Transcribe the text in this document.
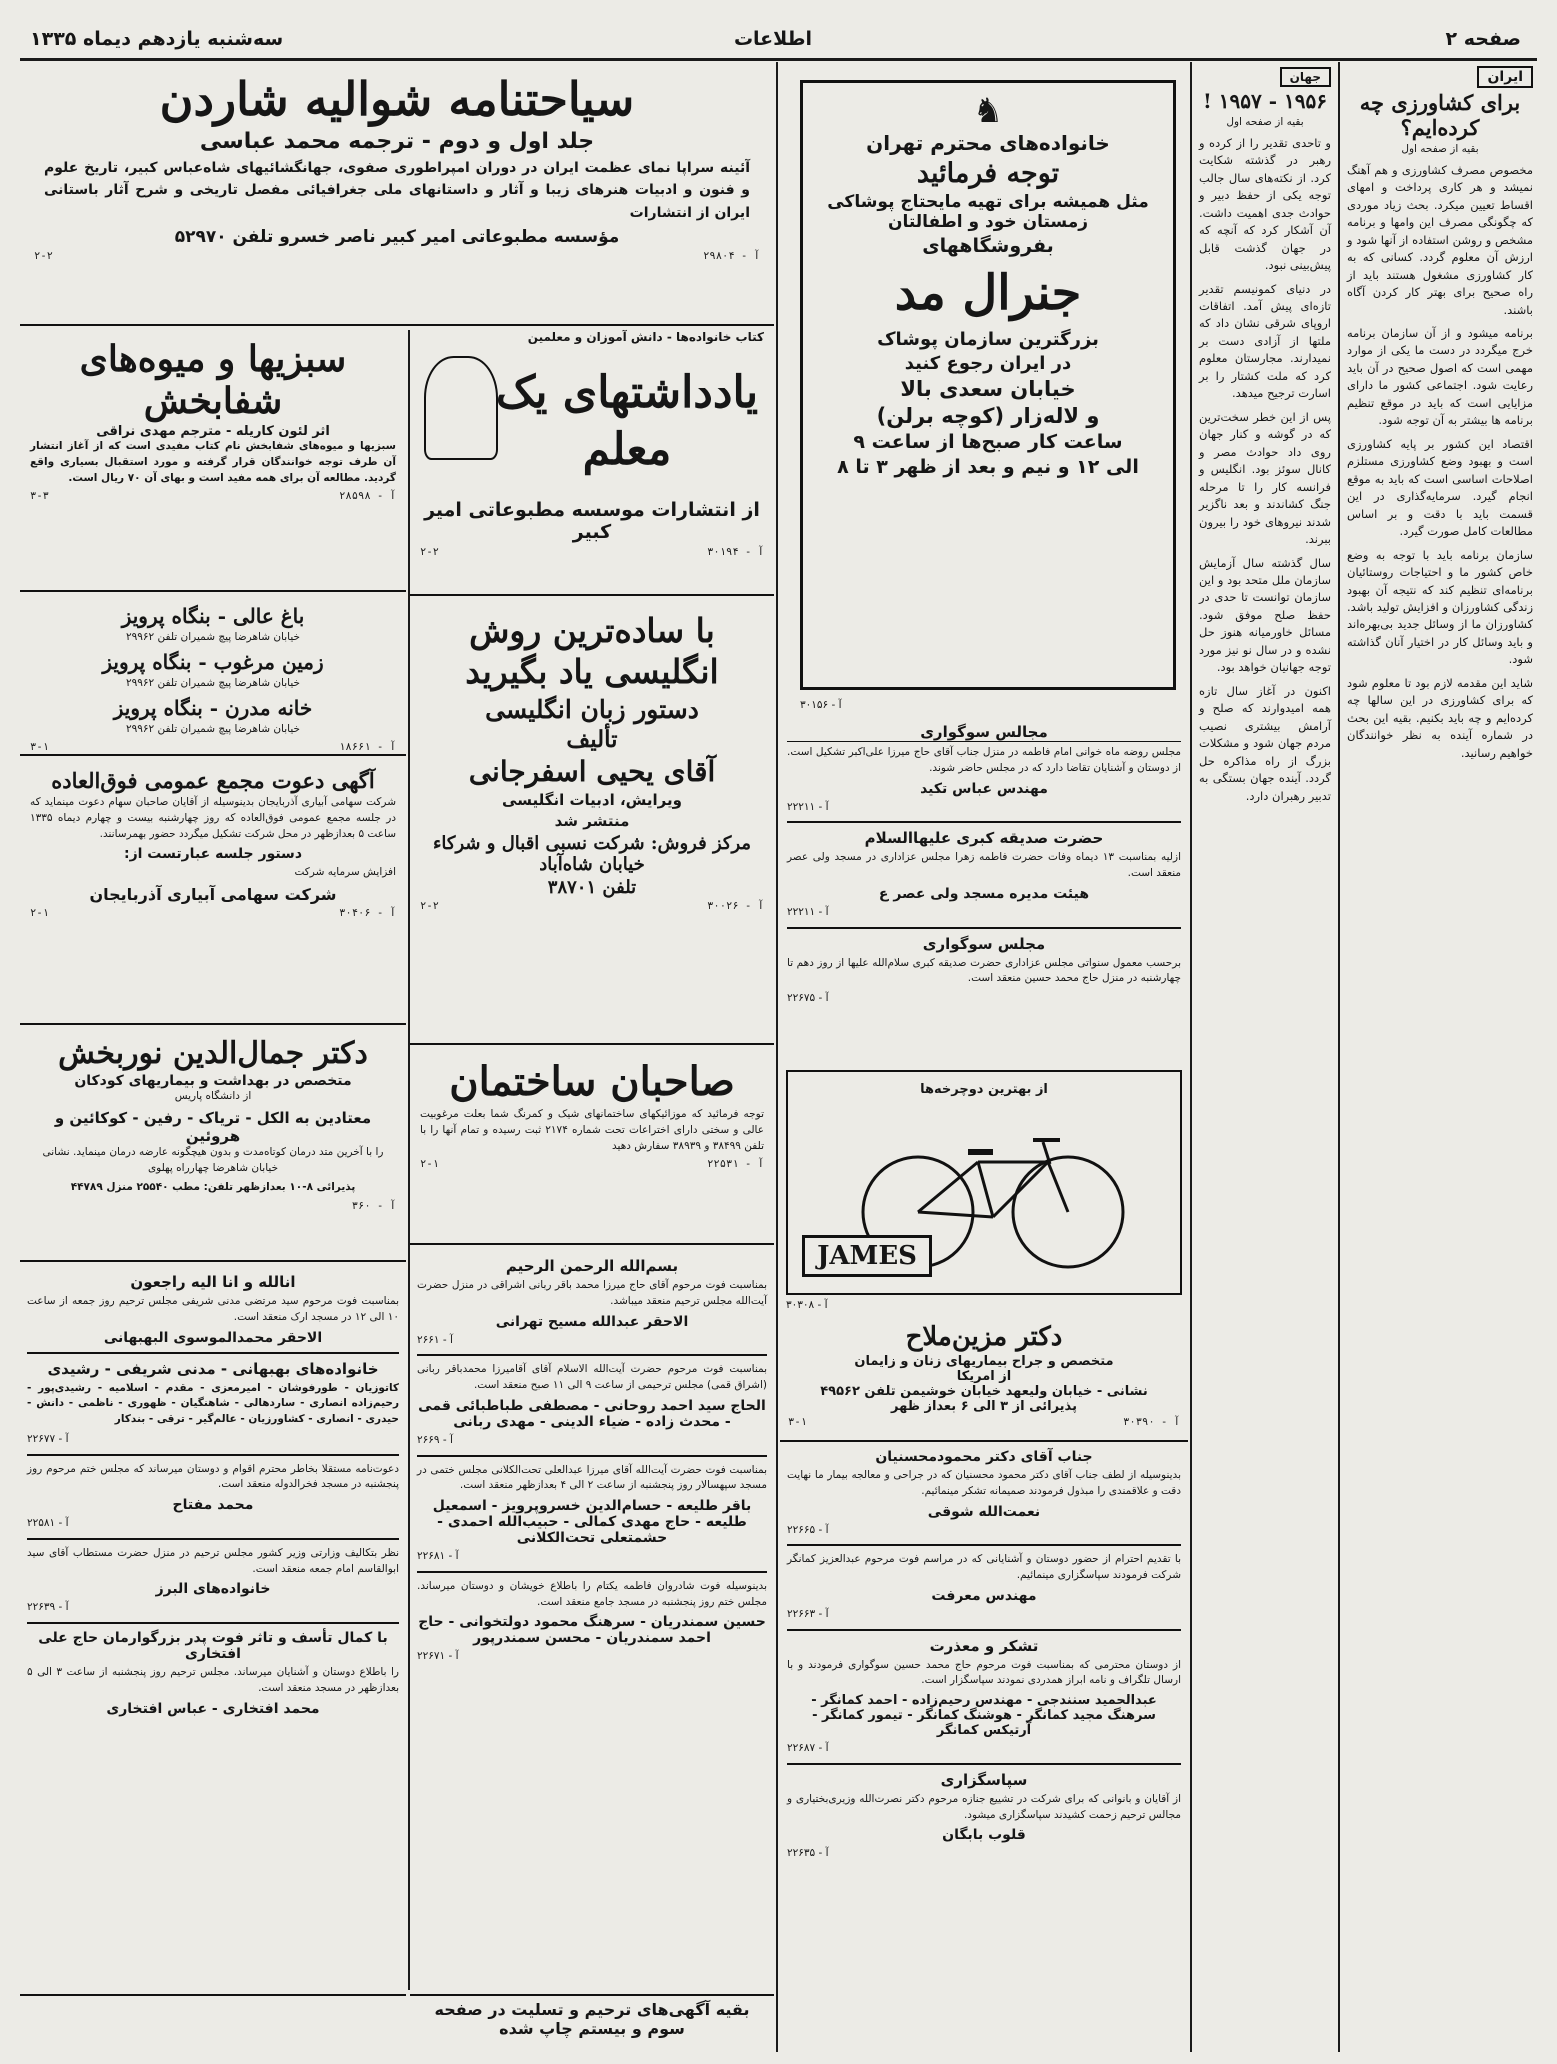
صفحه ۲
اطلاعات
سه‌شنبه یازدهم دیماه ۱۳۳۵
ایران
برای کشاورزی چه کرده‌ایم؟
بقیه از صفحه اول

مخصوص مصرف کشاورزی و هم آهنگ نمیشد و هر کاری پرداخت و امهای اقساط تعیین میکرد. بحث زیاد موردی که چگونگی مصرف این وامها و برنامه مشخص و روشن استفاده از آنها شود و ارزش آن معلوم گردد. کسانی که به کار کشاورزی مشغول هستند باید از راه صحیح برای بهتر کار کردن آگاه باشند.

برنامه میشود و از آن سازمان برنامه خرج میگردد در دست ما یکی از موارد مهمی است که اصول صحیح در آن باید رعایت شود. اجتماعی کشور ما دارای مزایایی است که باید در موقع تنظیم برنامه ها بیشتر به آن توجه شود.

اقتصاد این کشور بر پایه کشاورزی است و بهبود وضع کشاورزی مستلزم اصلاحات اساسی است که باید به موقع انجام گیرد. سرمایه‌گذاری در این قسمت باید با دقت و بر اساس مطالعات کامل صورت گیرد.

سازمان برنامه باید با توجه به وضع خاص کشور ما و احتیاجات روستائیان برنامه‌ای تنظیم کند که نتیجه آن بهبود زندگی کشاورزان و افزایش تولید باشد. کشاورزان ما از وسائل جدید بی‌بهره‌اند و باید وسائل کار در اختیار آنان گذاشته شود.

شاید این مقدمه لازم بود تا معلوم شود که برای کشاورزی در این سالها چه کرده‌ایم و چه باید بکنیم. بقیه این بحث در شماره آینده به نظر خوانندگان خواهیم رسانید.

جهان
۱۹۵۶ - ۱۹۵۷ !
بقیه از صفحه اول

و تاحدی تقدیر را از کرده و رهبر در گذشته شکایت کرد. از نکته‌های سال جالب توجه یکی از حفظ دبیر و حوادث جدی اهمیت داشت. آن آشکار کرد که آنچه که در جهان گذشت قابل پیش‌بینی نبود.

در دنیای کمونیسم تقدیر تازه‌ای پیش آمد. اتفاقات اروپای شرقی نشان داد که ملتها از آزادی دست بر نمیدارند. مجارستان معلوم کرد که ملت کشتار را بر اسارت ترجیح میدهد.

پس از این خطر سخت‌ترین که در گوشه و کنار جهان روی داد حوادث مصر و کانال سوئز بود. انگلیس و فرانسه کار را تا مرحله جنگ کشاندند و بعد ناگزیر شدند نیروهای خود را بیرون ببرند.

سال گذشته سال آزمایش سازمان ملل متحد بود و این سازمان توانست تا حدی در حفظ صلح موفق شود. مسائل خاورمیانه هنوز حل نشده و در سال نو نیز مورد توجه جهانیان خواهد بود.

اکنون در آغاز سال تازه همه امیدوارند که صلح و آرامش بیشتری نصیب مردم جهان شود و مشکلات بزرگ از راه مذاکره حل گردد. آینده جهان بستگی به تدبیر رهبران دارد.

♞
خانواده‌های محترم تهران
توجه فرمائید
مثل همیشه برای تهیه مایحتاج پوشاکی زمستان خود و اطفالتان
بفروشگاههای
جنرال مد
بزرگترین سازمان پوشاک
در ایران رجوع کنید
خیابان سعدی بالا
و لاله‌زار (کوچه برلن)
ساعت کار صبح‌ها از ساعت ۹
الی ۱۲ و نیم و بعد از ظهر ۳ تا ۸
آ - ۳۰۱۵۶
مجالس سوگواری

مجلس روضه ماه خوانی امام فاطمه در منزل جناب آقای حاج میرزا علی‌اکبر تشکیل است. از دوستان و آشنایان تقاضا دارد که در مجلس حاضر شوند.

مهندس عباس تکید
آ - ۲۲۲۱۱
حضرت صدیقه کبری علیهاالسلام

ازلیه بمناسبت ۱۳ دیماه وفات حضرت فاطمه زهرا مجلس عزاداری در مسجد ولی عصر منعقد است.

هیئت مدیره مسجد ولی عصر ع
آ - ۲۲۲۱۱
مجلس سوگواری

برحسب معمول سنواتی مجلس عزاداری حضرت صدیقه کبری سلام‌الله علیها از روز دهم تا چهارشنبه در منزل حاج محمد حسین منعقد است.

آ - ۲۲۶۷۵
از بهترین دوچرخه‌ها
JAMES
آ - ۳۰۳۰۸
دکتر مزین‌ملاح
متخصص و جراح بیماریهای زنان و زایمان
از امریکا
نشانی - خیابان ولیعهد خیابان خوشیمن تلفن ۴۹۵۶۲
پذیرائی از ۳ الی ۶ بعداز ظهر
۳-۱	آ - ۳۰۳۹۰
جناب آقای دکتر محمودمحسنیان

بدینوسیله از لطف جناب آقای دکتر محمود محسنیان که در جراحی و معالجه بیمار ما نهایت دقت و علاقمندی را مبذول فرمودند صمیمانه تشکر مینمائیم.

نعمت‌الله شوقی
آ - ۲۲۶۶۵

با تقدیم احترام از حضور دوستان و آشنایانی که در مراسم فوت مرحوم عبدالعزیز کمانگر شرکت فرمودند سپاسگزاری مینمائیم.

مهندس معرفت
آ - ۲۲۶۶۳
تشکر و معذرت

از دوستان محترمی که بمناسبت فوت مرحوم حاج محمد حسین سوگواری فرمودند و با ارسال تلگراف و نامه ابراز همدردی نمودند سپاسگزار است.

عبدالحمید سنندجی - مهندس رحیم‌زاده - احمد کمانگر - سرهنگ مجید کمانگر - هوشنگ کمانگر - تیمور کمانگر - آرتیکس کمانگر
آ - ۲۲۶۸۷
سپاسگزاری

از آقایان و بانوانی که برای شرکت در تشییع جنازه مرحوم دکتر نصرت‌الله وزیری‌بختیاری و مجالس ترحیم زحمت کشیدند سپاسگزاری میشود.

قلوب بابگان
آ - ۲۲۶۳۵
سیاحتنامه شوالیه شاردن
جلد اول و دوم - ترجمه محمد عباسی
آئینه سراپا نمای عظمت ایران در دوران امپراطوری صفوی، جهانگشائیهای شاه‌عباس کبیر، تاریخ علوم و فنون و ادبیات هنرهای زیبا و آثار و داستانهای ملی جغرافیائی مفصل تاریخی و شرح آثار باستانی ایران از انتشارات
مؤسسه مطبوعاتی امیر کبیر ناصر خسرو تلفن ۵۲۹۷۰
۲-۲	آ - ۲۹۸۰۴
کتاب خانواده‌ها - دانش آموزان و معلمین
یادداشتهای یک معلم
از انتشارات موسسه مطبوعاتی امیر کبیر
۲-۲	آ - ۳۰۱۹۴
با ساده‌ترین روش انگلیسی یاد بگیرید
دستور زبان انگلیسی
تألیف
آقای یحیی اسفرجانی
ویرایش، ادبیات انگلیسی
منتشر شد
مرکز فروش: شرکت نسبی اقبال و شرکاء خیابان شاه‌آباد
تلفن ۳۸۷۰۱
۲-۲	آ - ۳۰۰۲۶
صاحبان ساختمان
توجه فرمائید که موزائیکهای ساختمانهای شیک و کمرنگ شما بعلت مرغوبیت عالی و سختی دارای اختراعات تحت شماره ۲۱۷۴ ثبت رسیده و تمام آنها را با تلفن ۳۸۴۹۹ و ۳۸۹۳۹ سفارش دهید
۲-۱	آ - ۲۲۵۳۱
بسم‌الله الرحمن الرحیم

بمناسبت فوت مرحوم آقای حاج میرزا محمد باقر ربانی اشراقی در منزل حضرت آیت‌الله مجلس ترحیم منعقد میباشد.

الاحقر عبدالله مسیح تهرانی
آ - ۲۶۶۱

بمناسبت فوت مرحوم حضرت آیت‌الله الاسلام آقای آقامیرزا محمدباقر ربانی (اشراق قمی) مجلس ترحیمی از ساعت ۹ الی ۱۱ صبح منعقد است.

الحاج سید احمد روحانی - مصطفی طباطبائی قمی - محدث زاده - ضیاء الدینی - مهدی ربانی
آ - ۲۶۶۹

بمناسبت فوت حضرت آیت‌الله آقای میرزا عبدالعلی تحت‌الکلانی مجلس ختمی در مسجد سپهسالار روز پنجشنبه از ساعت ۲ الی ۴ بعدازظهر منعقد است.

باقر طلیعه - حسام‌الدین خسروپرویز - اسمعیل طلیعه - حاج مهدی کمالی - حبیب‌الله احمدی - حشمتعلی تحت‌الکلانی
آ - ۲۲۶۸۱

بدینوسیله فوت شادروان فاطمه یکتام را باطلاع خویشان و دوستان میرساند. مجلس ختم روز پنجشنبه در مسجد جامع منعقد است.

حسین سمندریان - سرهنگ محمود دولتخوانی - حاج احمد سمندریان - محسن سمندرپور
آ - ۲۲۶۷۱
سبزیها و میوه‌های شفابخش
اثر لئون کاریله - مترجم مهدی نراقی
سبزیها و میوه‌های شفابخش نام کتاب مفیدی است که از آغاز انتشار آن طرف توجه خوانندگان قرار گرفته و مورد استقبال بسیاری واقع گردید. مطالعه آن برای همه مفید است و بهای آن ۷۰ ریال است.
۳-۳	آ - ۲۸۵۹۸
باغ عالی - بنگاه پرویز
خیابان شاهرضا پیچ شمیران تلفن ۲۹۹۶۲
زمین مرغوب - بنگاه پرویز
خیابان شاهرضا پیچ شمیران تلفن ۲۹۹۶۲
خانه مدرن - بنگاه پرویز
خیابان شاهرضا پیچ شمیران تلفن ۲۹۹۶۲
۳-۱	آ - ۱۸۶۶۱
آگهی دعوت مجمع عمومی فوق‌العاده
شرکت سهامی آبیاری آذربایجان بدینوسیله از آقایان صاحبان سهام دعوت مینماید که در جلسه مجمع عمومی فوق‌العاده که روز چهارشنبه بیست و چهارم دیماه ۱۳۳۵ ساعت ۵ بعدازظهر در محل شرکت تشکیل میگردد حضور بهمرسانند.
دستور جلسه عبارتست از:
افزایش سرمایه شرکت
شرکت سهامی آبیاری آذربایجان
۲-۱	آ - ۳۰۴۰۶
دکتر جمال‌الدین نوربخش
متخصص در بهداشت و بیماریهای کودکان
از دانشگاه پاریس
معتادین به الکل - تریاک - رفین - کوکائین و هروئین
را با آخرین متد درمان کوتاه‌مدت و بدون هیچگونه عارضه درمان مینماید. نشانی خیابان شاهرضا چهارراه پهلوی
پذیرائی ۸-۱۰ بعدازظهر تلفن: مطب ۲۵۵۴۰ منزل ۴۴۷۸۹
آ - ۳۶۰
انالله و انا الیه راجعون

بمناسبت فوت مرحوم سید مرتضی مدنی شریفی مجلس ترحیم روز جمعه از ساعت ۱۰ الی ۱۲ در مسجد ارک منعقد است.

الاحقر محمدالموسوی البهبهانی
خانواده‌های بهبهانی - مدنی شریفی - رشیدی

کاتوزیان - طورفوشان - امیرمعزی - مقدم - اسلامیه - رشیدی‌پور - رحیم‌زاده انصاری - ساردهالی - شاهنگیان - ظهوری - ناظمی - دانش - حیدری - انصاری - کشاورزیان - عالم‌گیر - ترقی - بندکار

آ - ۲۲۶۷۷

دعوت‌نامه مستقلا بخاطر محترم اقوام و دوستان میرساند که مجلس ختم مرحوم روز پنجشنبه در مسجد فخرالدوله منعقد است.

محمد مفتاح
آ - ۲۲۵۸۱

نظر بتکالیف وزارتی وزیر کشور مجلس ترحیم در منزل حضرت مستطاب آقای سید ابوالقاسم امام جمعه منعقد است.

خانواده‌های البرز
آ - ۲۲۶۳۹
با کمال تأسف و تاثر فوت پدر بزرگوارمان حاج علی افتخاری

را باطلاع دوستان و آشنایان میرساند. مجلس ترحیم روز پنجشنبه از ساعت ۳ الی ۵ بعدازظهر در مسجد منعقد است.

محمد افتخاری - عباس افتخاری
بقیه آگهی‌های ترحیم و تسلیت در صفحه
سوم و بیستم چاپ شده
